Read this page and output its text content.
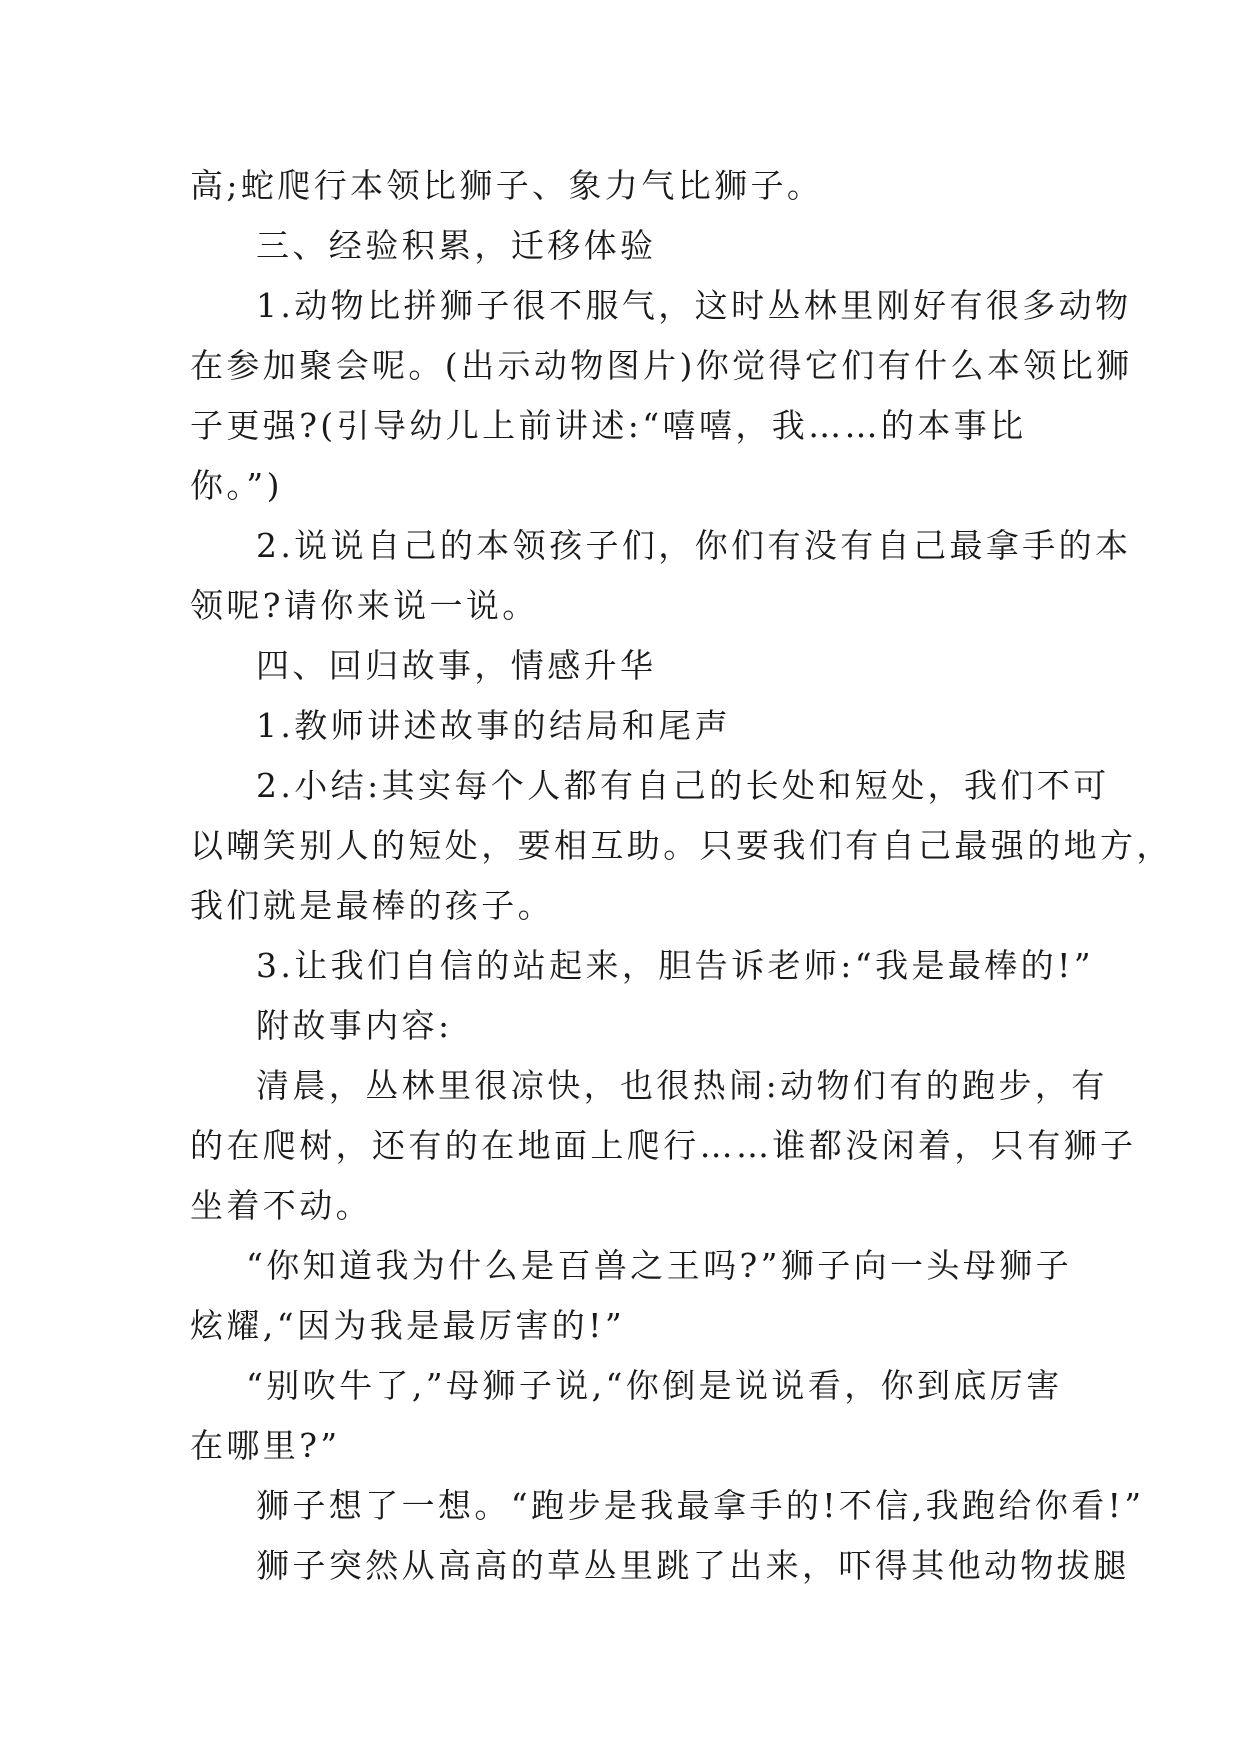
高;蛇爬行本领比狮子、象力气比狮子。

三、经验积累，迁移体验

1.动物比拼狮子很不服气，这时丛林里刚好有很多动物

在参加聚会呢。(出示动物图片)你觉得它们有什么本领比狮

子更强?(引导幼儿上前讲述:“嘻嘻，我……的本事比

你。”)

2.说说自己的本领孩子们，你们有没有自己最拿手的本

领呢?请你来说一说。

四、回归故事，情感升华

1.教师讲述故事的结局和尾声

2.小结:其实每个人都有自己的长处和短处，我们不可

以嘲笑别人的短处，要相互助。只要我们有自己最强的地方，

我们就是最棒的孩子。

3.让我们自信的站起来，胆告诉老师:“我是最棒的!”

附故事内容:

清晨，丛林里很凉快，也很热闹:动物们有的跑步，有

的在爬树，还有的在地面上爬行……谁都没闲着，只有狮子

坐着不动。

“你知道我为什么是百兽之王吗?”狮子向一头母狮子

炫耀,“因为我是最厉害的!”

“别吹牛了,”母狮子说,“你倒是说说看，你到底厉害

在哪里?”

狮子想了一想。“跑步是我最拿手的!不信,我跑给你看!”

狮子突然从高高的草丛里跳了出来，吓得其他动物拔腿
